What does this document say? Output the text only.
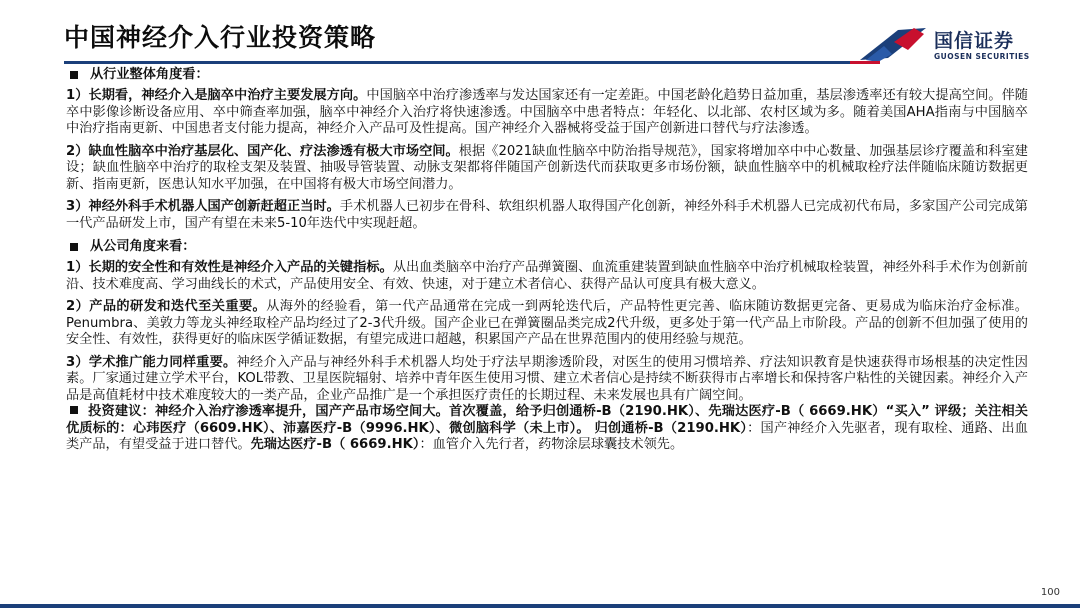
中国神经介入行业投资策略	国信证券
GUOSEN SECURITIES
从行业整体角度看：
1）长期看，神经介入是脑卒中治疗主要发展方向。中国脑卒中治疗渗透率与发达国家还有一定差距。中国老龄化趋势日益加重，基层渗透率还有较大提高空间。伴随卒中影像诊断设备应用、卒中筛查率加强，脑卒中神经介入治疗将快速渗透。中国脑卒中患者特点：年轻化、以北部、农村区域为多。随着美国AHA指南与中国脑卒中治疗指南更新、中国患者支付能力提高，神经介入产品可及性提高。国产神经介入器械将受益于国产创新进口替代与疗法渗透。
2）缺血性脑卒中治疗基层化、国产化、疗法渗透有极大市场空间。根据《2021缺血性脑卒中防治指导规范》，国家将增加卒中中心数量、加强基层诊疗覆盖和科室建设；缺血性脑卒中治疗的取栓支架及装置、抽吸导管装置、动脉支架都将伴随国产创新迭代而获取更多市场份额，缺血性脑卒中的机械取栓疗法伴随临床随访数据更新、指南更新，医患认知水平加强，在中国将有极大市场空间潜力。
3）神经外科手术机器人国产创新赶超正当时。手术机器人已初步在骨科、软组织机器人取得国产化创新，神经外科手术机器人已完成初代布局，多家国产公司完成第一代产品研发上市，国产有望在未来5-10年迭代中实现赶超。
从公司角度来看：
1）长期的安全性和有效性是神经介入产品的关键指标。从出血类脑卒中治疗产品弹簧圈、血流重建装置到缺血性脑卒中治疗机械取栓装置，神经外科手术作为创新前沿、技术难度高、学习曲线长的术式，产品使用安全、有效、快速，对于建立术者信心、获得产品认可度具有极大意义。
2）产品的研发和迭代至关重要。从海外的经验看，第一代产品通常在完成一到两轮迭代后，产品特性更完善、临床随访数据更完备、更易成为临床治疗金标准。Penumbra、美敦力等龙头神经取栓产品均经过了2-3代升级。国产企业已在弹簧圈品类完成2代升级，更多处于第一代产品上市阶段。产品的创新不但加强了使用的安全性、有效性，获得更好的临床医学循证数据，有望完成进口超越，积累国产产品在世界范围内的使用经验与规范。
3）学术推广能力同样重要。神经介入产品与神经外科手术机器人均处于疗法早期渗透阶段，对医生的使用习惯培养、疗法知识教育是快速获得市场根基的决定性因素。厂家通过建立学术平台，KOL带教、卫星医院辐射、培养中青年医生使用习惯、建立术者信心是持续不断获得市占率增长和保持客户粘性的关键因素。神经介入产品是高值耗材中技术难度较大的一类产品，企业产品推广是一个承担医疗责任的长期过程、未来发展也具有广阔空间。
投资建议：神经介入治疗渗透率提升，国产产品市场空间大。首次覆盖，给予归创通桥-B（2190.HK）、先瑞达医疗-B（ 6669.HK）“买入” 评级；关注相关优质标的：心玮医疗（6609.HK）、沛嘉医疗-B（9996.HK）、微创脑科学（未上市）。 归创通桥-B（2190.HK）：国产神经介入先驱者，现有取栓、通路、出血类产品，有望受益于进口替代。先瑞达医疗-B（ 6669.HK）：血管介入先行者，药物涂层球囊技术领先。
100
